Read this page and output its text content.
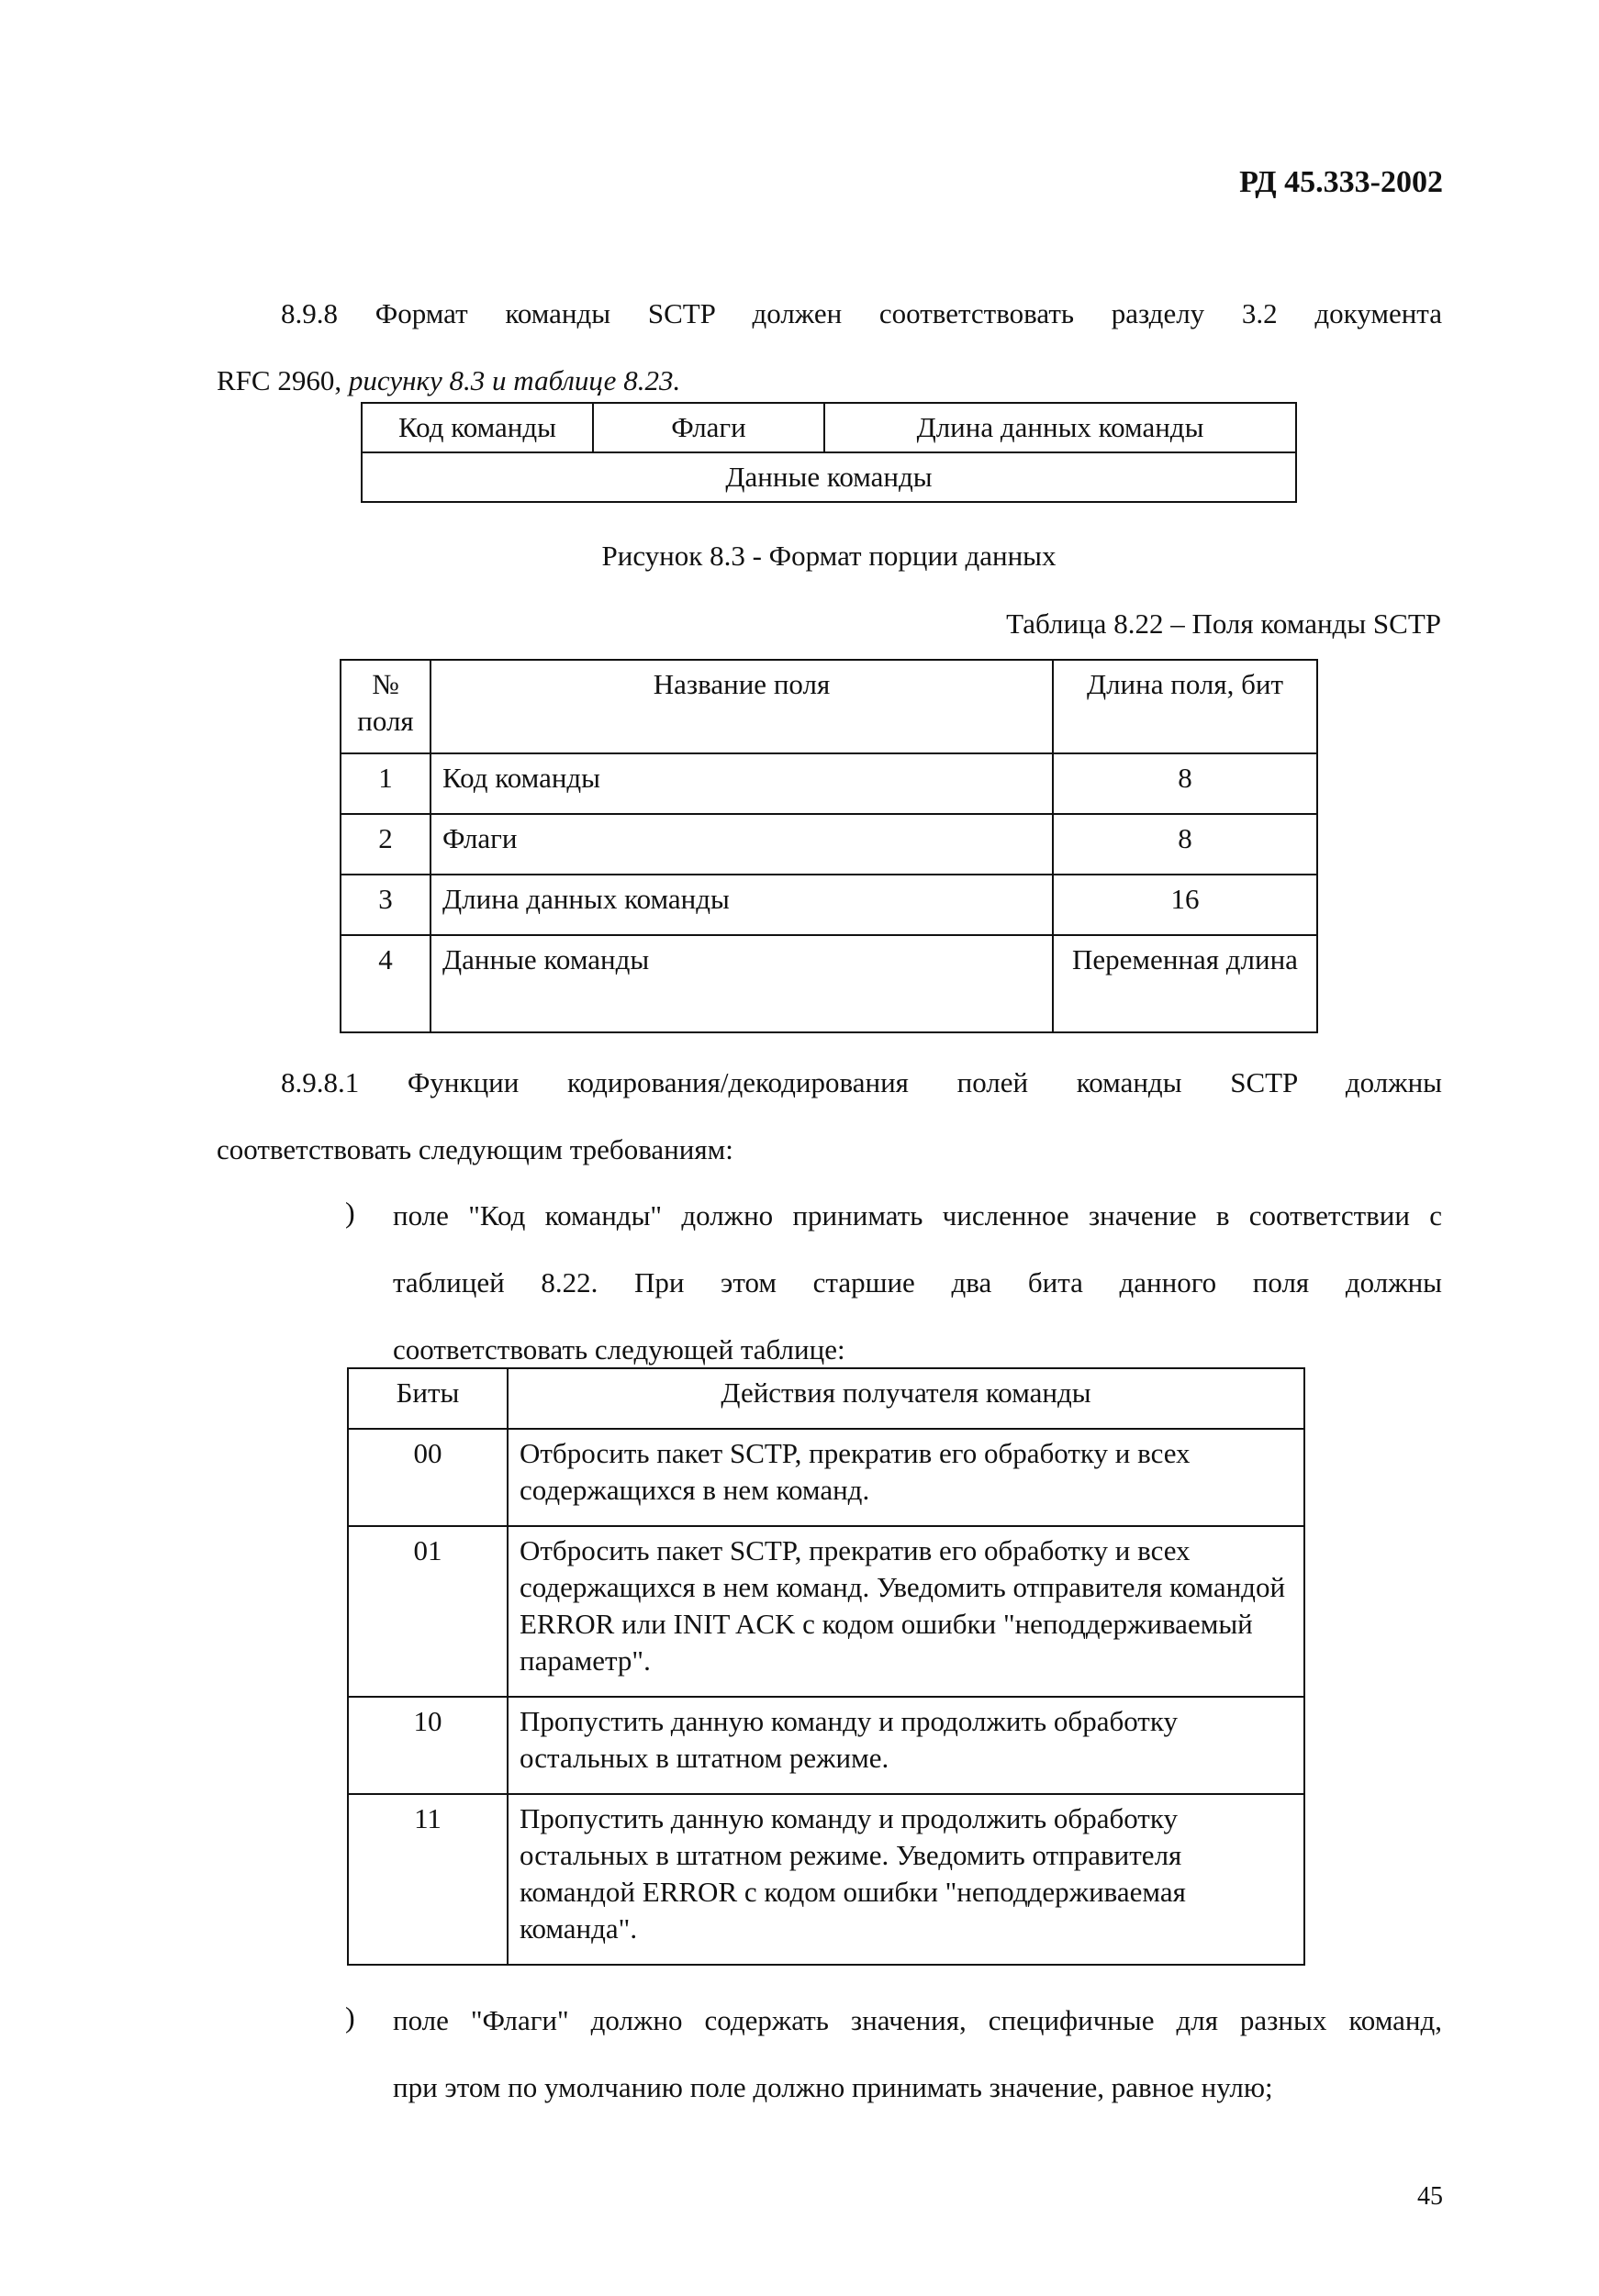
РД 45.333-2002
8.9.8 Формат команды SCTP должен соответствовать разделу 3.2 документа
RFC 2960, рисунку 8.3 и таблице 8.23.
Код команды	Флаги	Длина данных команды
Данные команды
Рисунок 8.3 - Формат порции данных
Таблица 8.22 – Поля команды SCTP
№ поля	Название поля	Длина поля, бит
1	Код команды	8
2	Флаги	8
3	Длина данных команды	16
4	Данные команды	Переменная длина
8.9.8.1 Функции кодирования/декодирования полей команды SCTP должны
соответствовать следующим требованиям:
) поле "Код команды" должно принимать численное значение в соответствии с
таблицей 8.22. При этом старшие два бита данного поля должны
соответствовать следующей таблице:
Биты	Действия получателя команды
00	Отбросить пакет SCTP, прекратив его обработку и всех содержащихся в нем команд.
01	Отбросить пакет SCTP, прекратив его обработку и всех содержащихся в нем команд. Уведомить отправителя командой ERROR или INIT ACK с кодом ошибки "неподдерживаемый параметр".
10	Пропустить данную команду и продолжить обработку остальных в штатном режиме.
11	Пропустить данную команду и продолжить обработку остальных в штатном режиме. Уведомить отправителя командой ERROR с кодом ошибки "неподдерживаемая команда".
) поле "Флаги" должно содержать значения, специфичные для разных команд,
при этом по умолчанию поле должно принимать значение, равное нулю;
45
